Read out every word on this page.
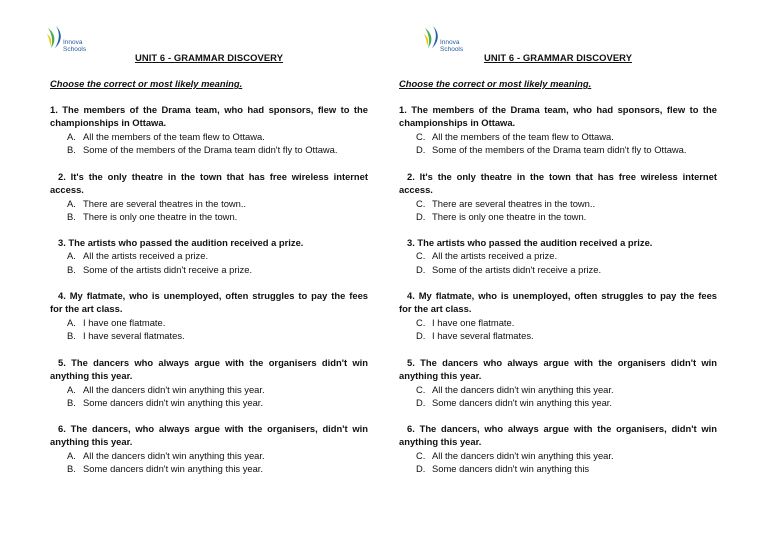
Innova
Schools
UNIT 6 - GRAMMAR DISCOVERY
Choose the correct or most likely meaning.
1. The members of the Drama team, who had sponsors, flew to the championships in Ottawa.
A. All the members of the team flew to Ottawa.
B. Some of the members of the Drama team didn't fly to Ottawa.
2. It's the only theatre in the town that has free wireless internet access.
A. There are several theatres in the town..
B. There is only one theatre in the town.
3. The artists who passed the audition received a prize.
A. All the artists received a prize.
B. Some of the artists didn't receive a prize.
4. My flatmate, who is unemployed, often struggles to pay the fees for the art class.
A. I have one flatmate.
B. I have several flatmates.
5. The dancers who always argue with the organisers didn't win anything this year.
A. All the dancers didn't win anything this year.
B. Some dancers didn't win anything this year.
6. The dancers, who always argue with the organisers, didn't win anything this year.
A. All the dancers didn't win anything this year.
B. Some dancers didn't win anything this year.
Innova
Schools
UNIT 6 - GRAMMAR DISCOVERY
Choose the correct or most likely meaning.
1. The members of the Drama team, who had sponsors, flew to the championships in Ottawa.
C. All the members of the team flew to Ottawa.
D. Some of the members of the Drama team didn't fly to Ottawa.
2. It's the only theatre in the town that has free wireless internet access.
C. There are several theatres in the town..
D. There is only one theatre in the town.
3. The artists who passed the audition received a prize.
C. All the artists received a prize.
D. Some of the artists didn't receive a prize.
4. My flatmate, who is unemployed, often struggles to pay the fees for the art class.
C. I have one flatmate.
D. I have several flatmates.
5. The dancers who always argue with the organisers didn't win anything this year.
C. All the dancers didn't win anything this year.
D. Some dancers didn't win anything this year.
6. The dancers, who always argue with the organisers, didn't win anything this year.
C. All the dancers didn't win anything this year.
D. Some dancers didn't win anything this
